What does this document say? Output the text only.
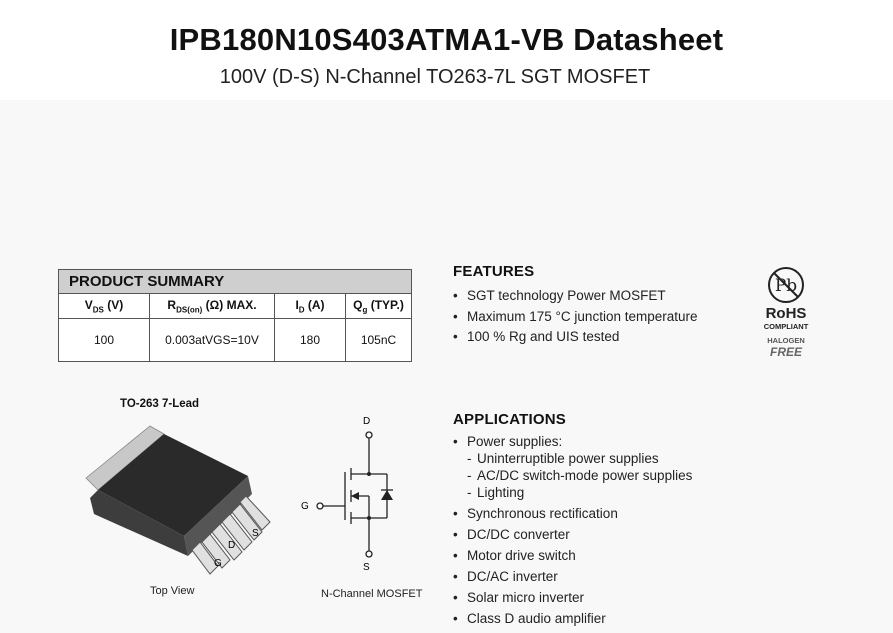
IPB180N10S403ATMA1-VB Datasheet
100V (D-S) N-Channel TO263-7L SGT MOSFET
PRODUCT SUMMARY			
$V_{DS}$ (V)	$R_{DS(on)}$ (Ω) MAX.	$I_D$ (A)	$Q_g$ (TYP.)
100	0.003atVGS=10V	180	105nC
FEATURES
• SGT technology Power MOSFET
• Maximum 175 °C junction temperature
• 100 % Rg and UIS tested
Pb
RoHS
COMPLIANT
HALOGEN
FREE
TO-263 7-Lead
D
S
G
Top View
D
G
S
N-Channel MOSFET
APPLICATIONS
• Power supplies:
- Uninterruptible power supplies
- AC/DC switch-mode power supplies
- Lighting
• Synchronous rectification
• DC/DC converter
• Motor drive switch
• DC/AC inverter
• Solar micro inverter
• Class D audio amplifier
